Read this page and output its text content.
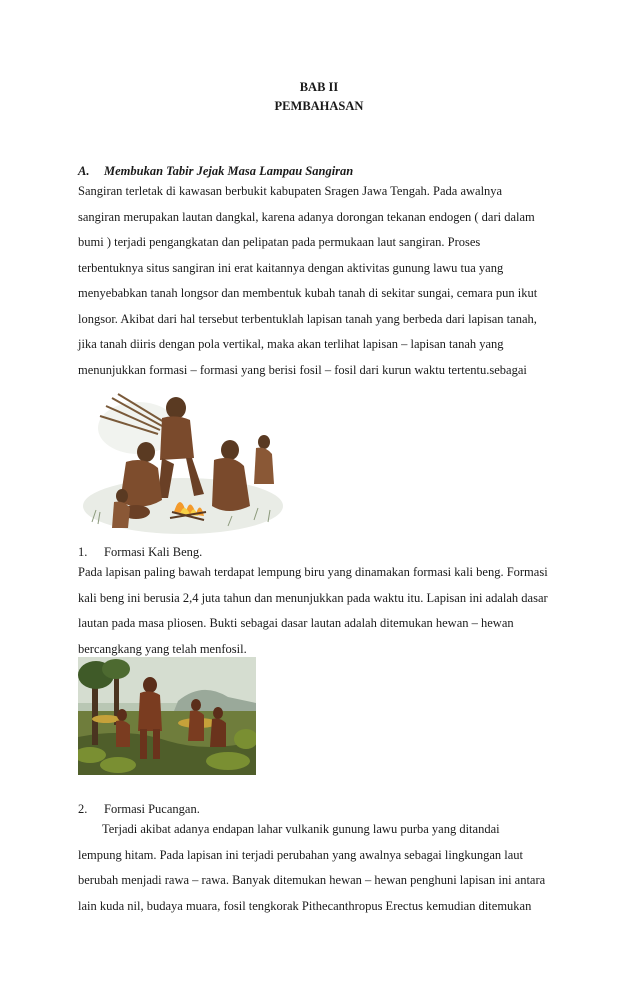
BAB II
PEMBAHASAN
A. Membukan Tabir Jejak Masa Lampau Sangiran
Sangiran terletak di kawasan berbukit kabupaten Sragen Jawa Tengah. Pada awalnya
sangiran merupakan lautan dangkal, karena adanya dorongan tekanan endogen ( dari dalam
bumi ) terjadi pengangkatan dan pelipatan pada permukaan laut sangiran. Proses
terbentuknya situs sangiran ini erat kaitannya dengan aktivitas gunung lawu tua yang
menyebabkan tanah longsor dan membentuk kubah tanah di sekitar sungai, cemara pun ikut
longsor. Akibat dari hal tersebut terbentuklah lapisan tanah yang berbeda dari lapisan tanah,
jika tanah diiris dengan pola vertikal, maka akan terlihat lapisan – lapisan tanah yang
menunjukkan formasi – formasi yang berisi fosil – fosil dari kurun waktu tertentu.sebagai
1. Formasi Kali Beng.
Pada lapisan paling bawah terdapat lempung biru yang dinamakan formasi kali beng. Formasi
kali beng ini berusia 2,4 juta tahun dan menunjukkan pada waktu itu. Lapisan ini adalah dasar
lautan pada masa pliosen. Bukti sebagai dasar lautan adalah ditemukan hewan – hewan
bercangkang yang telah menfosil.
2. Formasi Pucangan.
Terjadi akibat adanya endapan lahar vulkanik gunung lawu purba yang ditandai
lempung hitam. Pada lapisan ini terjadi perubahan yang awalnya sebagai lingkungan laut
berubah menjadi rawa – rawa. Banyak ditemukan hewan – hewan penghuni lapisan ini antara
lain kuda nil, budaya muara, fosil tengkorak Pithecanthropus Erectus kemudian ditemukan
